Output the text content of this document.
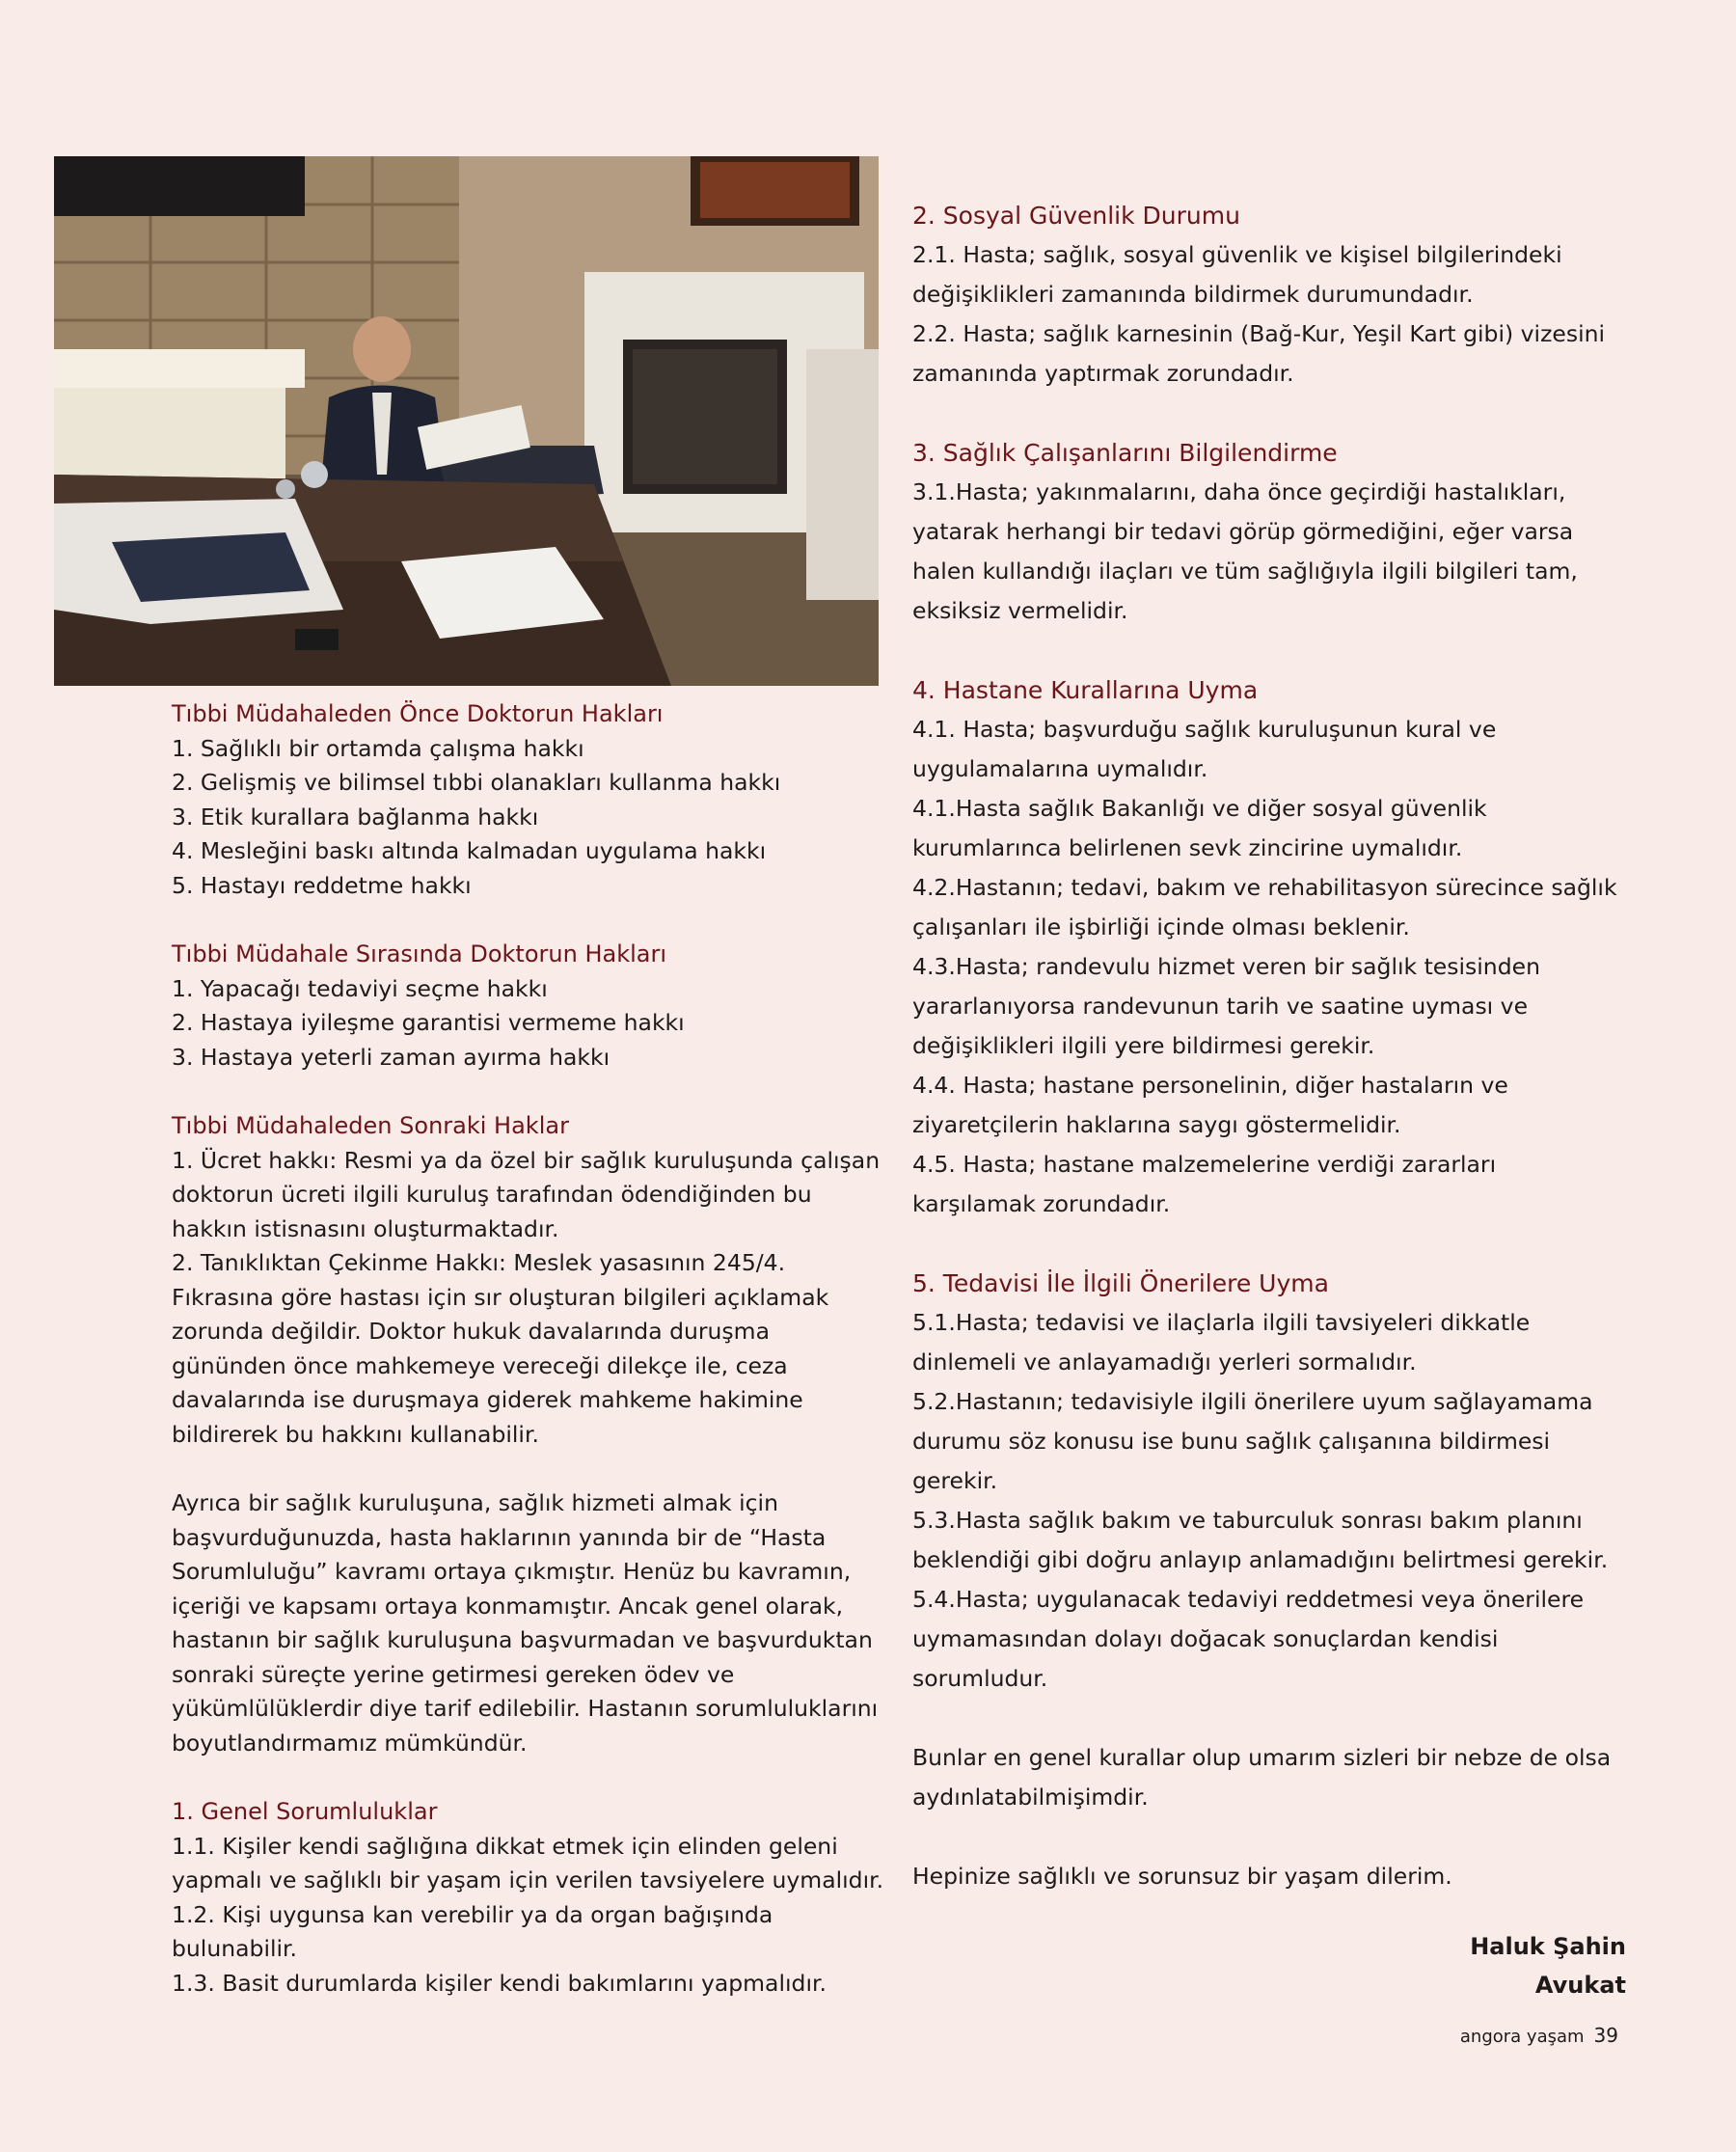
Tıbbi Müdahaleden Önce Doktorun Hakları
1. Sağlıklı bir ortamda çalışma hakkı
2. Gelişmiş ve bilimsel tıbbi olanakları kullanma hakkı
3. Etik kurallara bağlanma hakkı
4. Mesleğini baskı altında kalmadan uygulama hakkı
5. Hastayı reddetme hakkı
Tıbbi Müdahale Sırasında Doktorun Hakları
1. Yapacağı tedaviyi seçme hakkı
2. Hastaya iyileşme garantisi vermeme hakkı
3. Hastaya yeterli zaman ayırma hakkı
Tıbbi Müdahaleden Sonraki Haklar

1. Ücret hakkı: Resmi ya da özel bir sağlık kuruluşunda çalışan doktorun ücreti ilgili kuruluş tarafından ödendiğinden bu hakkın istisnasını oluşturmaktadır.

2. Tanıklıktan Çekinme Hakkı: Meslek yasasının 245/4. Fıkrasına göre hastası için sır oluşturan bilgileri açıklamak zorunda değildir. Doktor hukuk davalarında duruşma gününden önce mahkemeye vereceği dilekçe ile, ceza davalarında ise duruşmaya giderek mahkeme hakimine bildirerek bu hakkını kullanabilir.

Ayrıca bir sağlık kuruluşuna, sağlık hizmeti almak için başvurduğunuzda, hasta haklarının yanında bir de “Hasta Sorumluluğu” kavramı ortaya çıkmıştır. Henüz bu kavramın, içeriği ve kapsamı ortaya konmamıştır. Ancak genel olarak, hastanın bir sağlık kuruluşuna başvurmadan ve başvurduktan sonraki süreçte yerine getirmesi gereken ödev ve yükümlülüklerdir diye tarif edilebilir. Hastanın sorumluluklarını boyutlandırmamız mümkündür.

1. Genel Sorumluluklar

1.1. Kişiler kendi sağlığına dikkat etmek için elinden geleni yapmalı ve sağlıklı bir yaşam için verilen tavsiyelere uymalıdır.

1.2. Kişi uygunsa kan verebilir ya da organ bağışında bulunabilir.

1.3. Basit durumlarda kişiler kendi bakımlarını yapmalıdır.

2. Sosyal Güvenlik Durumu

2.1. Hasta; sağlık, sosyal güvenlik ve kişisel bilgilerindeki değişiklikleri zamanında bildirmek durumundadır.

2.2. Hasta; sağlık karnesinin (Bağ-Kur, Yeşil Kart gibi) vizesini zamanında yaptırmak zorundadır.

3. Sağlık Çalışanlarını Bilgilendirme

3.1.Hasta; yakınmalarını, daha önce geçirdiği hastalıkları, yatarak herhangi bir tedavi görüp görmediğini, eğer varsa halen kullandığı ilaçları ve tüm sağlığıyla ilgili bilgileri tam, eksiksiz vermelidir.

4. Hastane Kurallarına Uyma

4.1. Hasta; başvurduğu sağlık kuruluşunun kural ve uygulamalarına uymalıdır.

4.1.Hasta sağlık Bakanlığı ve diğer sosyal güvenlik kurumlarınca belirlenen sevk zincirine uymalıdır.

4.2.Hastanın; tedavi, bakım ve rehabilitasyon sürecince sağlık çalışanları ile işbirliği içinde olması beklenir.

4.3.Hasta; randevulu hizmet veren bir sağlık tesisinden yararlanıyorsa randevunun tarih ve saatine uyması ve değişiklikleri ilgili yere bildirmesi gerekir.

4.4. Hasta; hastane personelinin, diğer hastaların ve ziyaretçilerin haklarına saygı göstermelidir.

4.5. Hasta; hastane malzemelerine verdiği zararları karşılamak zorundadır.

5. Tedavisi İle İlgili Önerilere Uyma

5.1.Hasta; tedavisi ve ilaçlarla ilgili tavsiyeleri dikkatle dinlemeli ve anlayamadığı yerleri sormalıdır.

5.2.Hastanın; tedavisiyle ilgili önerilere uyum sağlayamama durumu söz konusu ise bunu sağlık çalışanına bildirmesi gerekir.

5.3.Hasta sağlık bakım ve taburculuk sonrası bakım planını beklendiği gibi doğru anlayıp anlamadığını belirtmesi gerekir.

5.4.Hasta; uygulanacak tedaviyi reddetmesi veya önerilere uymamasından dolayı doğacak sonuçlardan kendisi sorumludur.

Bunlar en genel kurallar olup umarım sizleri bir nebze de olsa aydınlatabilmişimdir.

Hepinize sağlıklı ve sorunsuz bir yaşam dilerim.

Haluk Şahin
Avukat
angora yaşam 39
